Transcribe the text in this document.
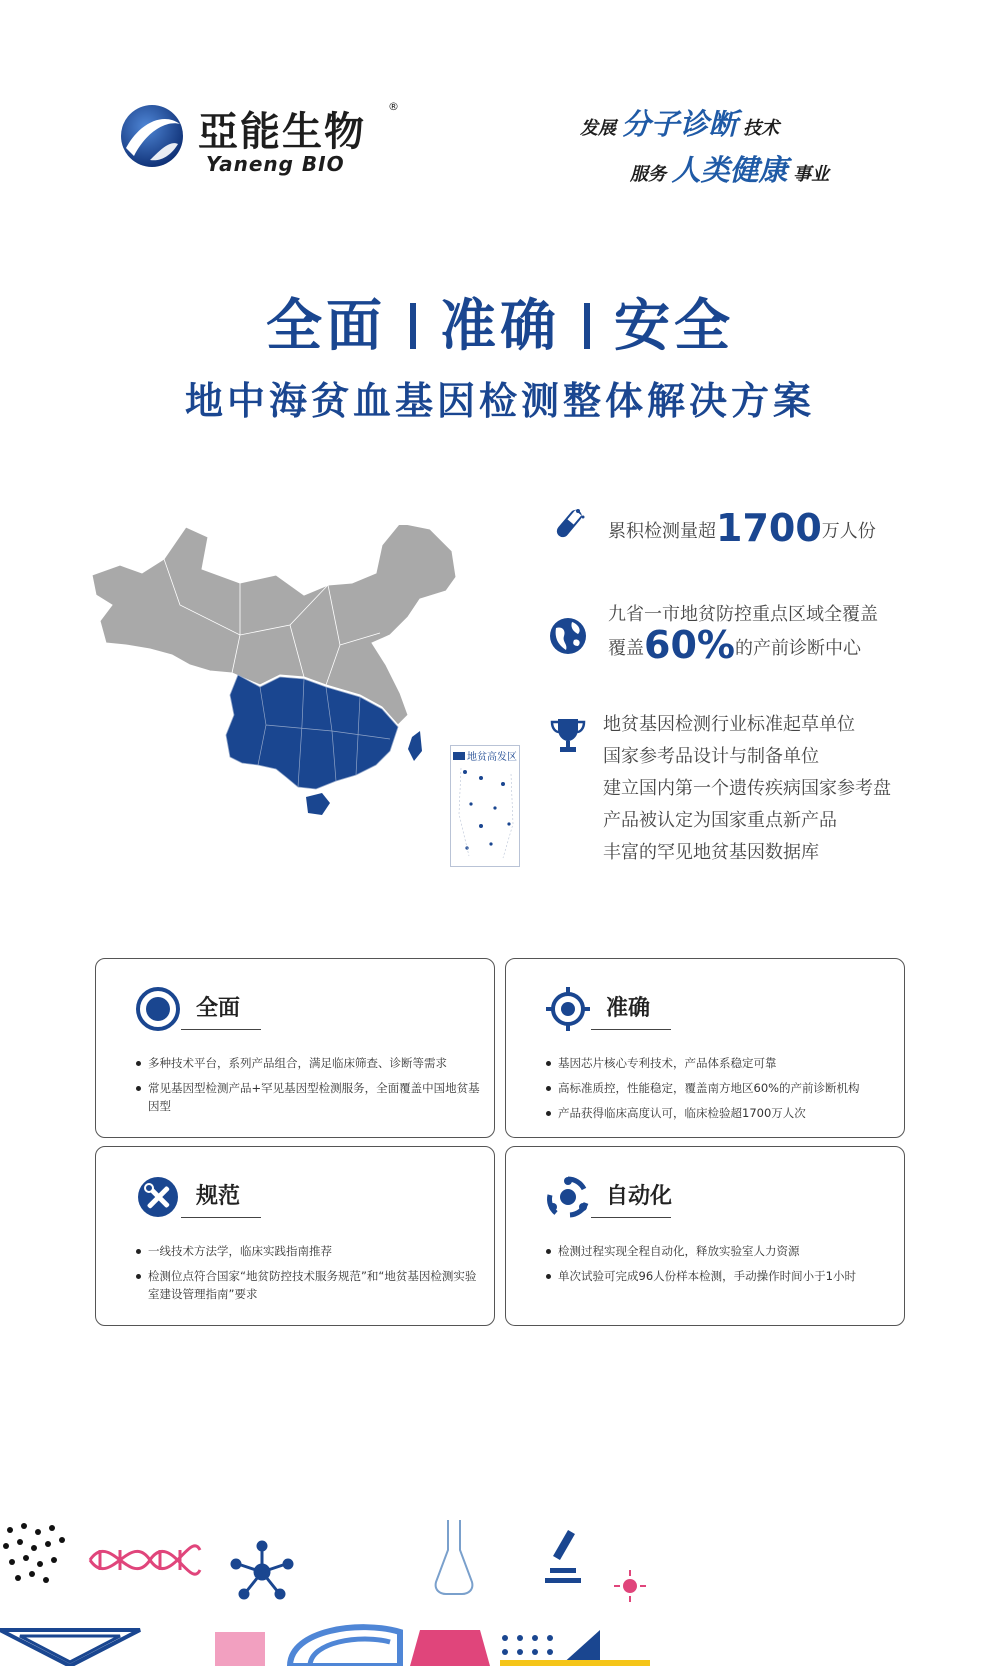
亞能生物
®
Yaneng BIO
发展 分子诊断 技术
服务 人类健康 事业
全面 准确 安全
地中海贫血基因检测整体解决方案
地贫高发区
累积检测量超1700万人份
九省一市地贫防控重点区域全覆盖
覆盖60%的产前诊断中心
地贫基因检测行业标准起草单位
国家参考品设计与制备单位
建立国内第一个遗传疾病国家参考盘
产品被认定为国家重点新产品
丰富的罕见地贫基因数据库
全面
多种技术平台，系列产品组合，满足临床筛查、诊断等需求
常见基因型检测产品+罕见基因型检测服务，全面覆盖中国地贫基因型
准确
基因芯片核心专利技术，产品体系稳定可靠
高标准质控，性能稳定，覆盖南方地区60%的产前诊断机构
产品获得临床高度认可，临床检验超1700万人次
规范
一线技术方法学，临床实践指南推荐
检测位点符合国家“地贫防控技术服务规范”和“地贫基因检测实验室建设管理指南”要求
自动化
检测过程实现全程自动化，释放实验室人力资源
单次试验可完成96人份样本检测，手动操作时间小于1小时
